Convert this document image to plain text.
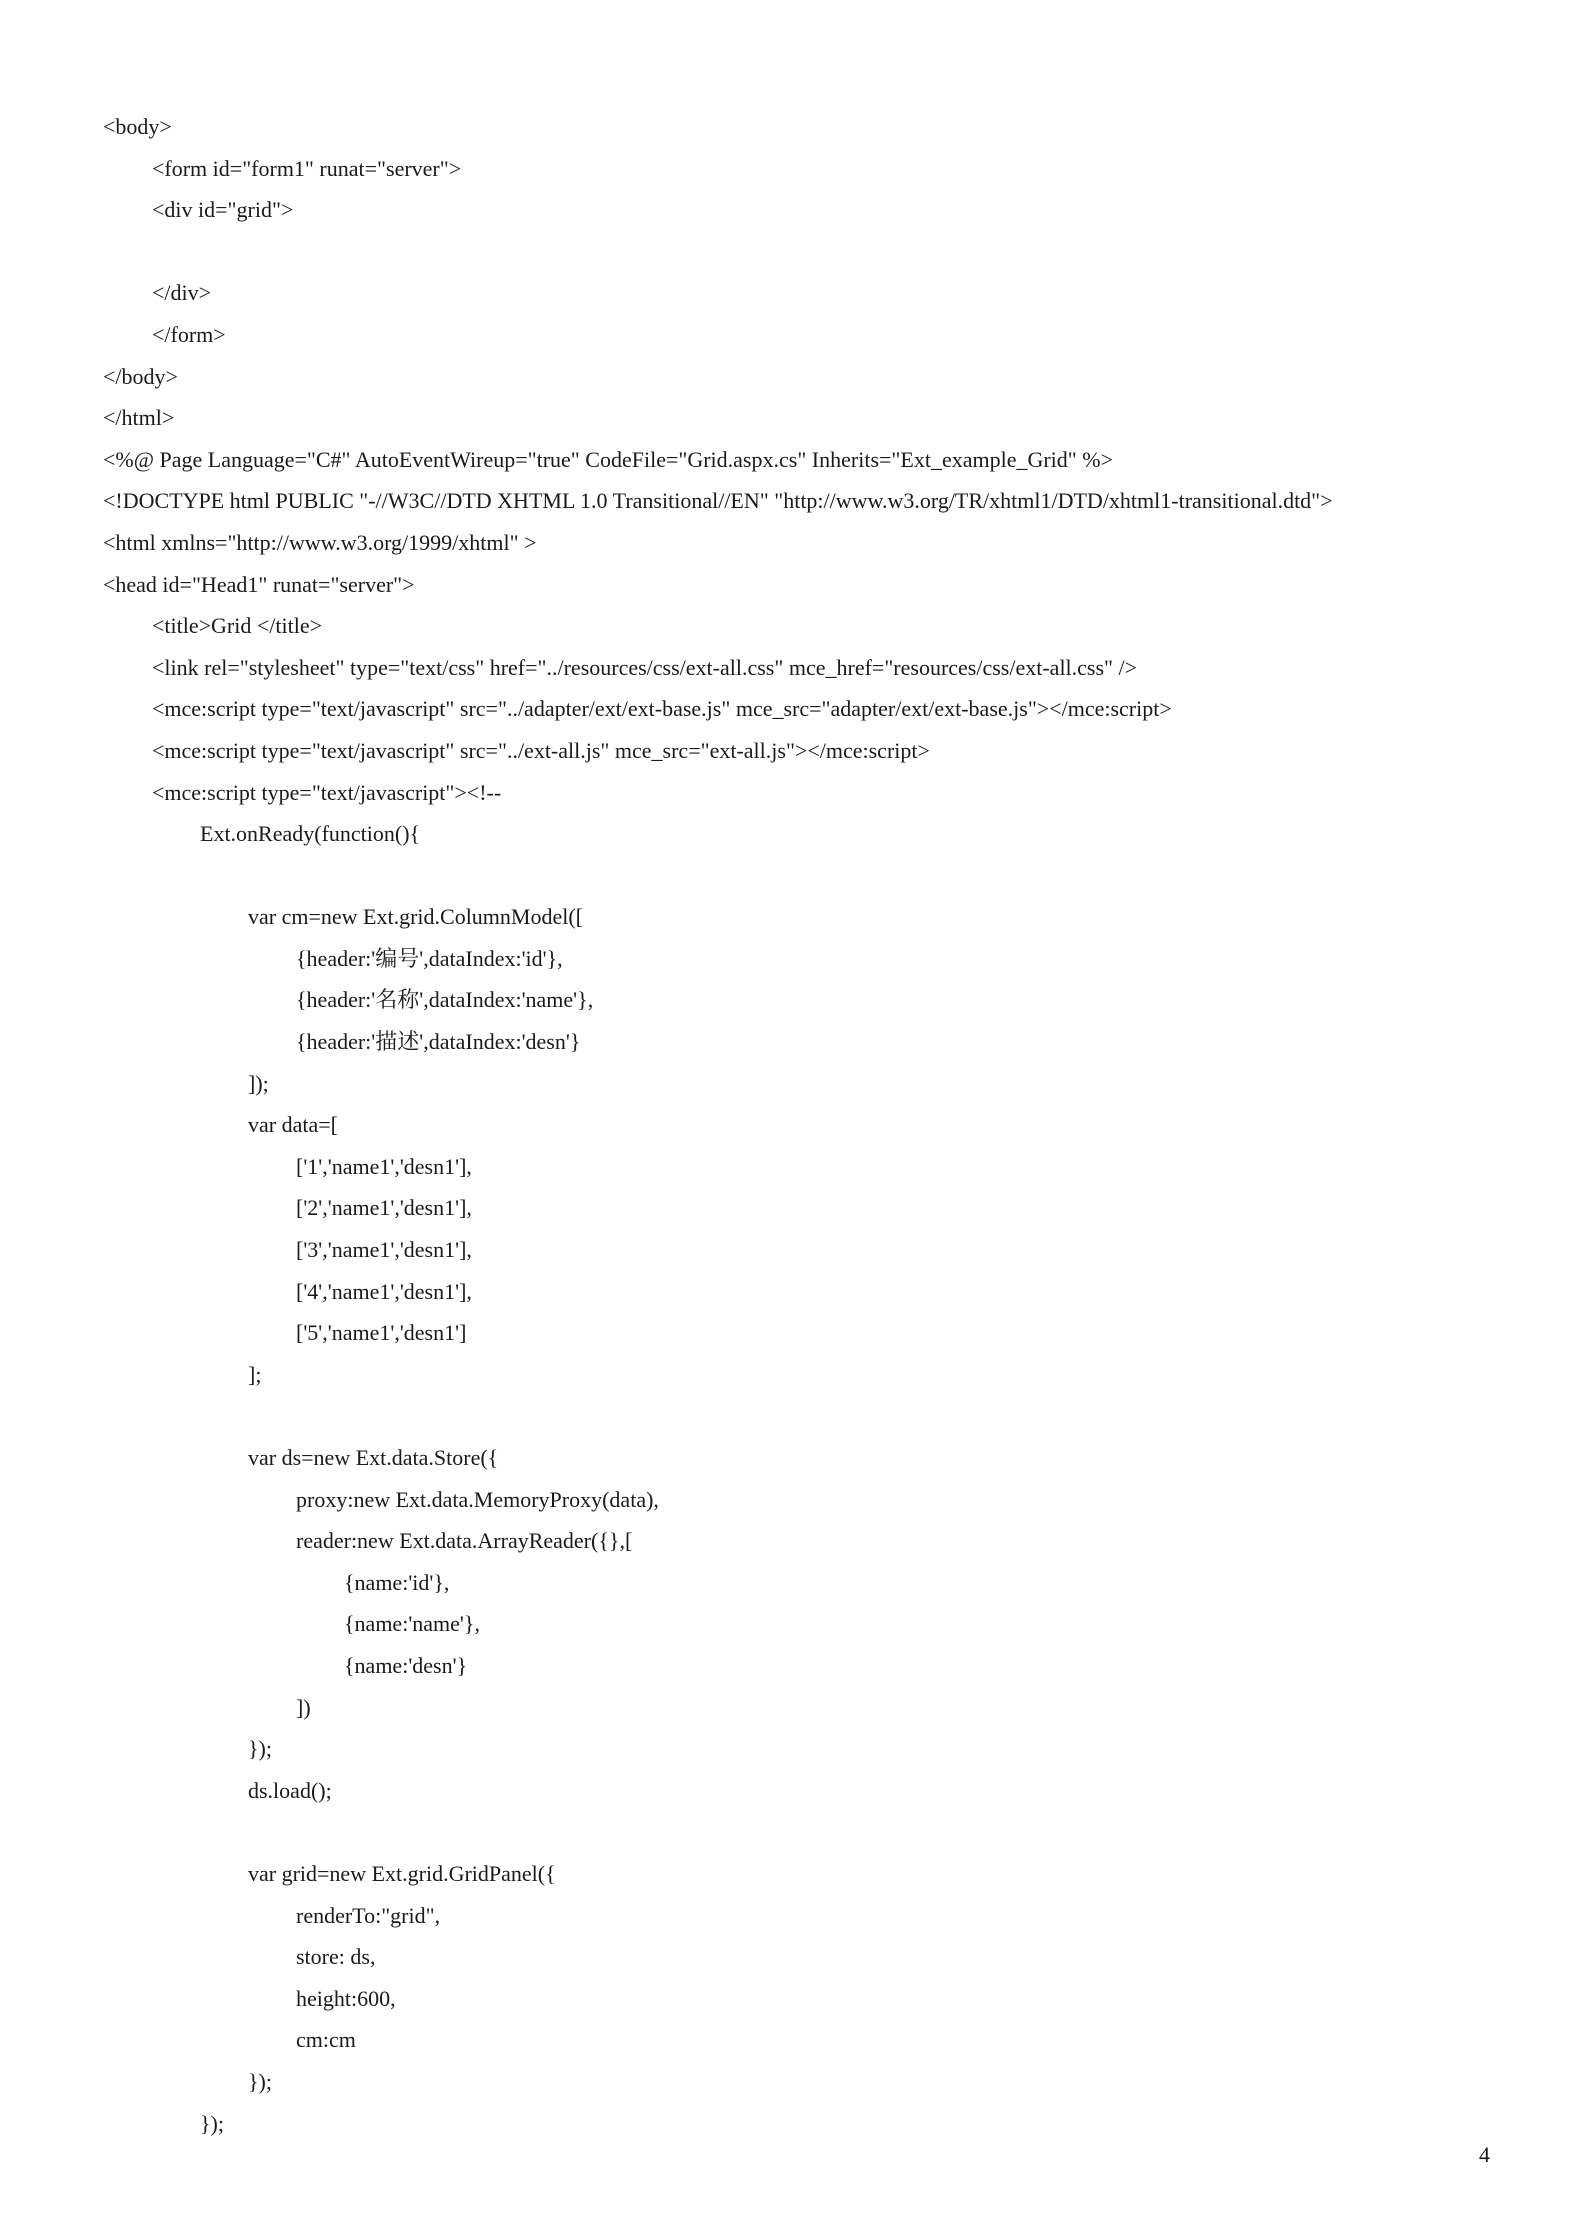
<body>
<form id="form1" runat="server">
<div id="grid">
</div>
</form>
</body>
</html>
<%@ Page Language="C#" AutoEventWireup="true" CodeFile="Grid.aspx.cs" Inherits="Ext_example_Grid" %>
<!DOCTYPE html PUBLIC "-//W3C//DTD XHTML 1.0 Transitional//EN" "http://www.w3.org/TR/xhtml1/DTD/xhtml1-transitional.dtd">
<html xmlns="http://www.w3.org/1999/xhtml" >
<head id="Head1" runat="server">
<title>Grid </title>
<link rel="stylesheet" type="text/css" href="../resources/css/ext-all.css" mce_href="resources/css/ext-all.css" />
<mce:script type="text/javascript" src="../adapter/ext/ext-base.js" mce_src="adapter/ext/ext-base.js"></mce:script>
<mce:script type="text/javascript" src="../ext-all.js" mce_src="ext-all.js"></mce:script>
<mce:script type="text/javascript"><!--
Ext.onReady(function(){
var cm=new Ext.grid.ColumnModel([
{header:'编号',dataIndex:'id'},
{header:'名称',dataIndex:'name'},
{header:'描述',dataIndex:'desn'}
]);
var data=[
['1','name1','desn1'],
['2','name1','desn1'],
['3','name1','desn1'],
['4','name1','desn1'],
['5','name1','desn1']
];
var ds=new Ext.data.Store({
proxy:new Ext.data.MemoryProxy(data),
reader:new Ext.data.ArrayReader({},[
{name:'id'},
{name:'name'},
{name:'desn'}
])
});
ds.load();
var grid=new Ext.grid.GridPanel({
renderTo:"grid",
store: ds,
height:600,
cm:cm
});
});
4
